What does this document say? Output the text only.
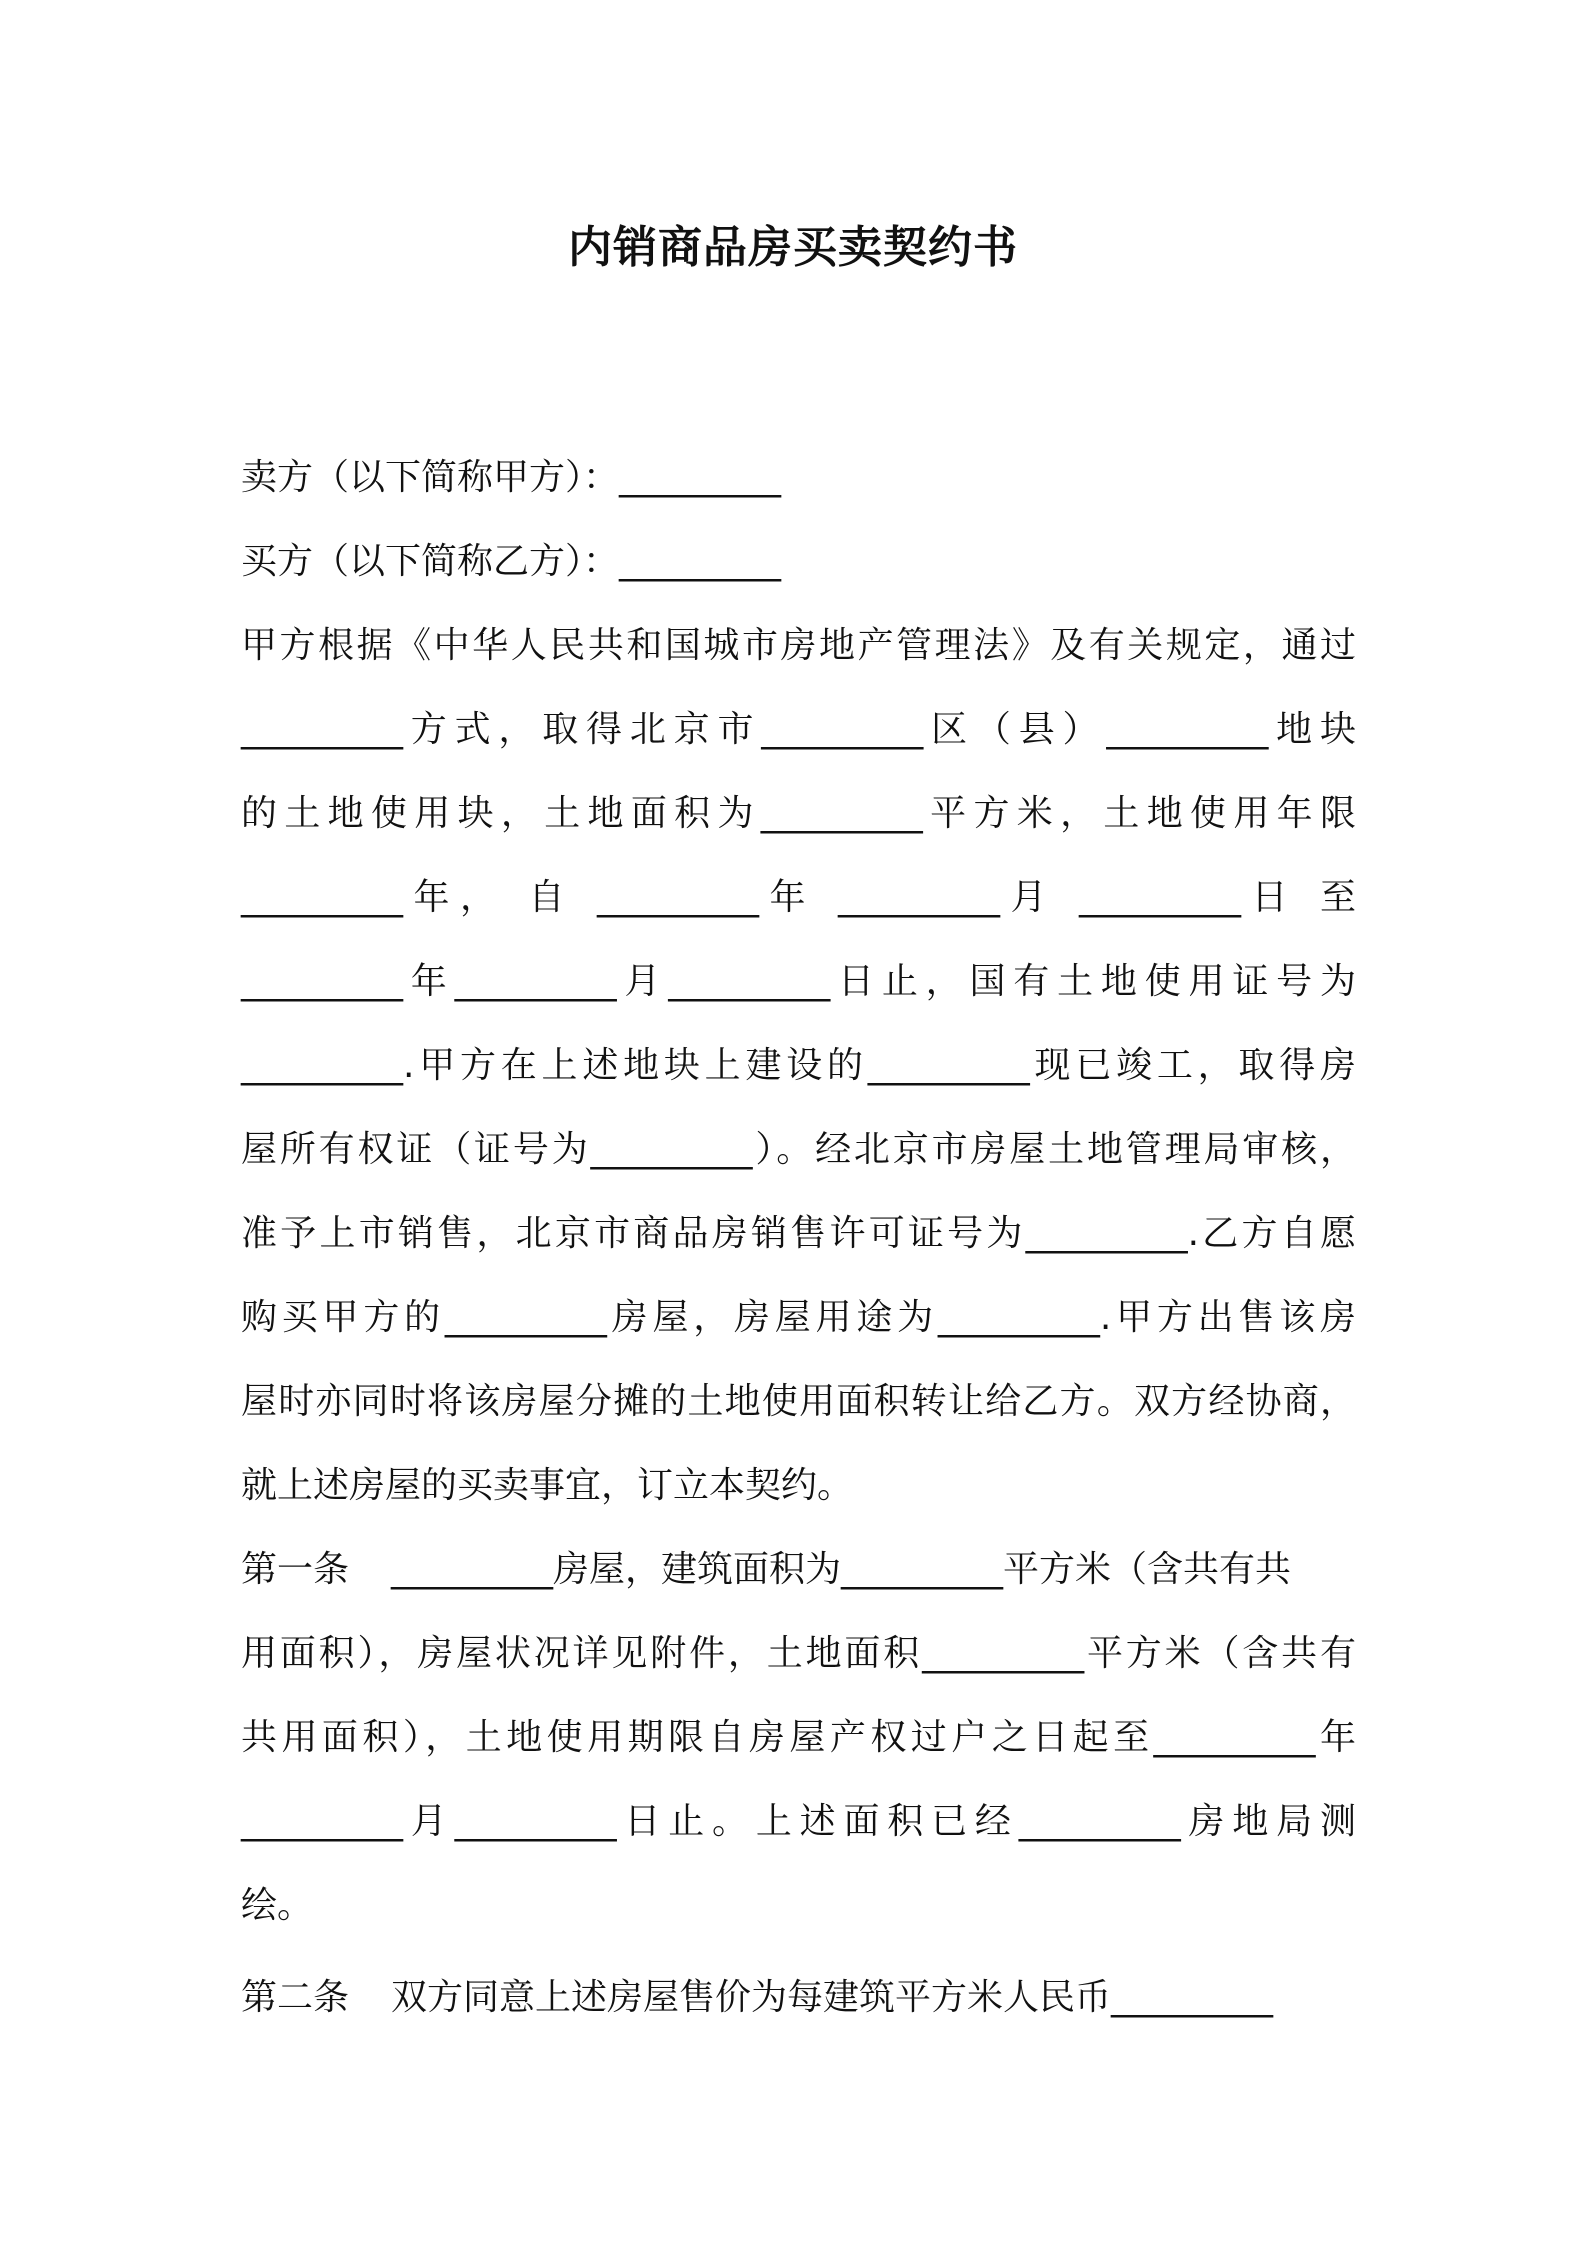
内销商品房买卖契约书
卖方（以下简称甲方）：_________
买方（以下简称乙方）：_________
甲方根据《中华人民共和国城市房地产管理法》及有关规定，通过
_________方式，取得北京市_________区（县）_________地块
的土地使用块，土地面积为_________平方米，土地使用年限
_________年， 自 _________年 _________月 _________日 至
_________年_________月_________日止，国有土地使用证号为
_________.甲方在上述地块上建设的_________现已竣工，取得房
屋所有权证（证号为_________）。经北京市房屋土地管理局审核，
准予上市销售，北京市商品房销售许可证号为_________.乙方自愿
购买甲方的_________房屋，房屋用途为_________.甲方出售该房
屋时亦同时将该房屋分摊的土地使用面积转让给乙方。双方经协商，
就上述房屋的买卖事宜，订立本契约。
第一条 _________房屋，建筑面积为_________平方米（含共有共
用面积），房屋状况详见附件，土地面积_________平方米（含共有
共用面积），土地使用期限自房屋产权过户之日起至_________年
_________月_________日止。上述面积已经_________房地局测
绘。
第二条 双方同意上述房屋售价为每建筑平方米人民币_________
